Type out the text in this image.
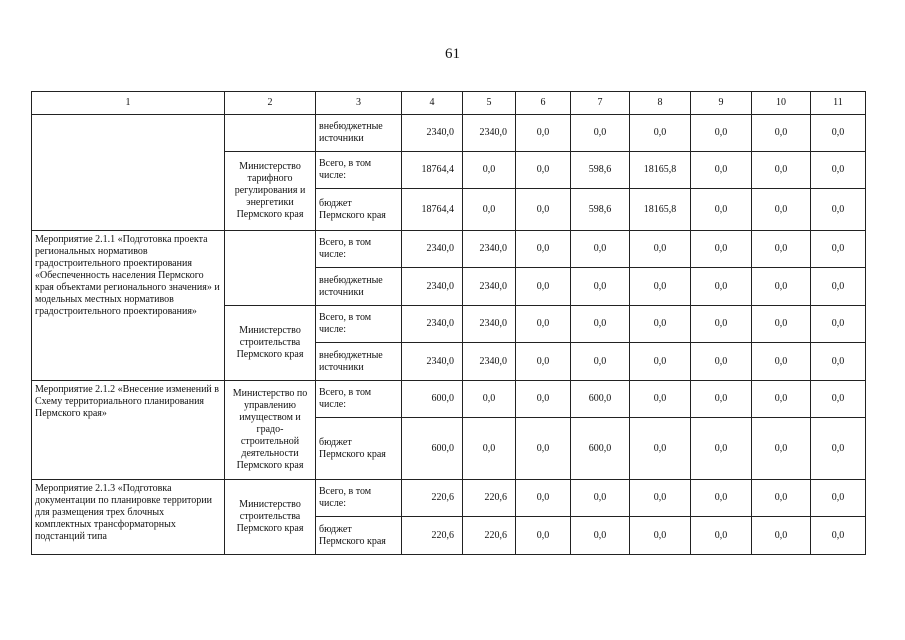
61
1	2	3	4	5	6	7	8	9	10	11
		внебюджетные источники	2340,0	2340,0	0,0	0,0	0,0	0,0	0,0	0,0
	Министерство тарифного регулирования и энергетики Пермского края	Всего, в том числе:	18764,4	0,0	0,0	598,6	18165,8	0,0	0,0	0,0
		бюджет Пермского края	18764,4	0,0	0,0	598,6	18165,8	0,0	0,0	0,0
Мероприятие 2.1.1 «Подготовка проекта региональных нормативов градостроительного проектирования «Обеспеченность населения Пермского края объектами регионального значения» и модельных местных нормативов градостроительного проектирования»		Всего, в том числе:	2340,0	2340,0	0,0	0,0	0,0	0,0	0,0	0,0
		внебюджетные источники	2340,0	2340,0	0,0	0,0	0,0	0,0	0,0	0,0
	Министерство строительства Пермского края	Всего, в том числе:	2340,0	2340,0	0,0	0,0	0,0	0,0	0,0	0,0
		внебюджетные источники	2340,0	2340,0	0,0	0,0	0,0	0,0	0,0	0,0
Мероприятие 2.1.2 «Внесение изменений в Схему территориального планирования Пермского края»	Министерство по управлению имуществом и градо-строительной деятельности Пермского края	Всего, в том числе:	600,0	0,0	0,0	600,0	0,0	0,0	0,0	0,0
		бюджет Пермского края	600,0	0,0	0,0	600,0	0,0	0,0	0,0	0,0
Мероприятие 2.1.3 «Подготовка документации по планировке территории для размещения трех блочных комплектных трансформаторных подстанций типа	Министерство строительства Пермского края	Всего, в том числе:	220,6	220,6	0,0	0,0	0,0	0,0	0,0	0,0
		бюджет Пермского края	220,6	220,6	0,0	0,0	0,0	0,0	0,0	0,0
